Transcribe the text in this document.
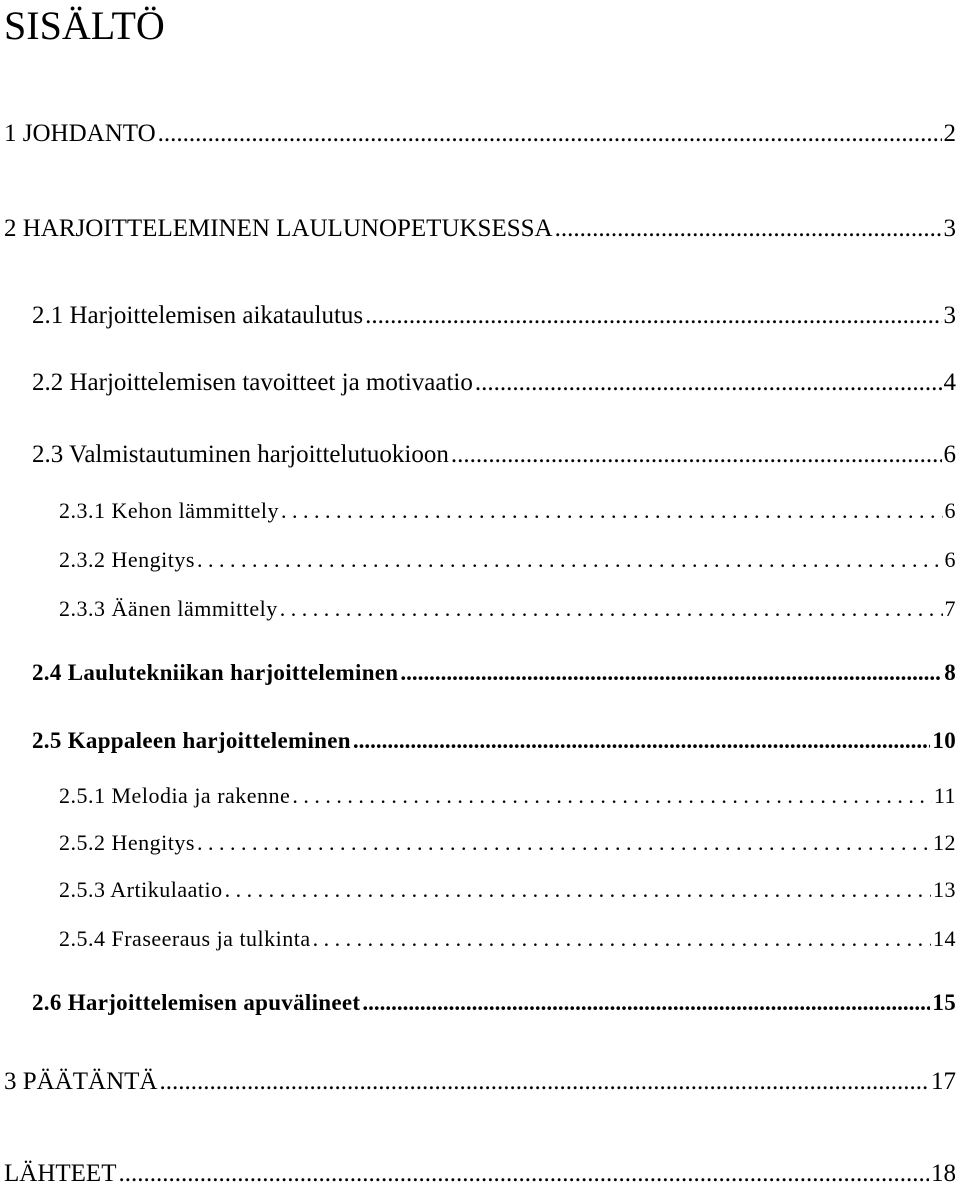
SISÄLTÖ
1 JOHDANTO .....	2
2 HARJOITTELEMINEN LAULUNOPETUKSESSA .....	3
2.1 Harjoittelemisen aikataulutus .....	3
2.2 Harjoittelemisen tavoitteet ja motivaatio .....	4
2.3 Valmistautuminen harjoittelutuokioon .....	6
2.3.1 Kehon lämmittely . . .	6
2.3.2 Hengitys . . .	6
2.3.3 Äänen lämmittely . . .	7
2.4 Laulutekniikan harjoitteleminen .....	8
2.5 Kappaleen harjoitteleminen .....	10
2.5.1 Melodia ja rakenne . . .	11
2.5.2 Hengitys . . .	12
2.5.3 Artikulaatio . . .	13
2.5.4 Fraseeraus ja tulkinta . . .	14
2.6 Harjoittelemisen apuvälineet .....	15
3 PÄÄTÄNTÄ .....	17
LÄHTEET .....	18
